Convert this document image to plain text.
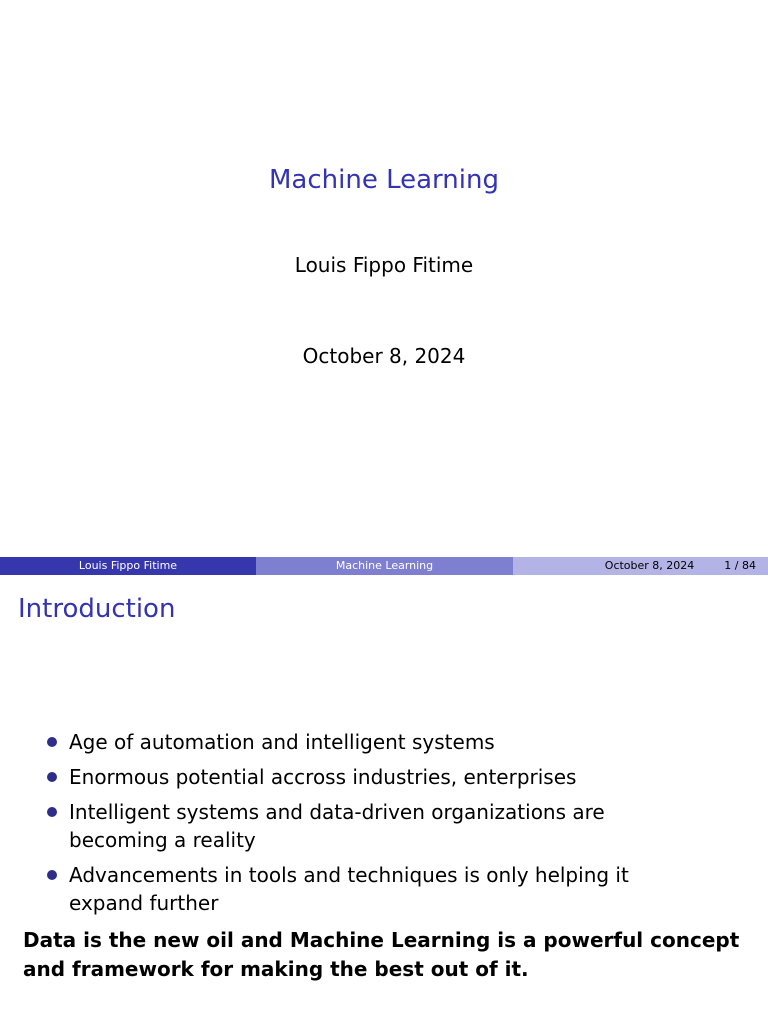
Machine Learning
Louis Fippo Fitime
October 8, 2024
Louis Fippo Fitime	Machine Learning	October 8, 2024	1 / 84
Introduction
Age of automation and intelligent systems
Enormous potential accross industries, enterprises
Intelligent systems and data-driven organizations are becoming a reality
Advancements in tools and techniques is only helping it expand further
Data is the new oil and Machine Learning is a powerful concept and framework for making the best out of it.
